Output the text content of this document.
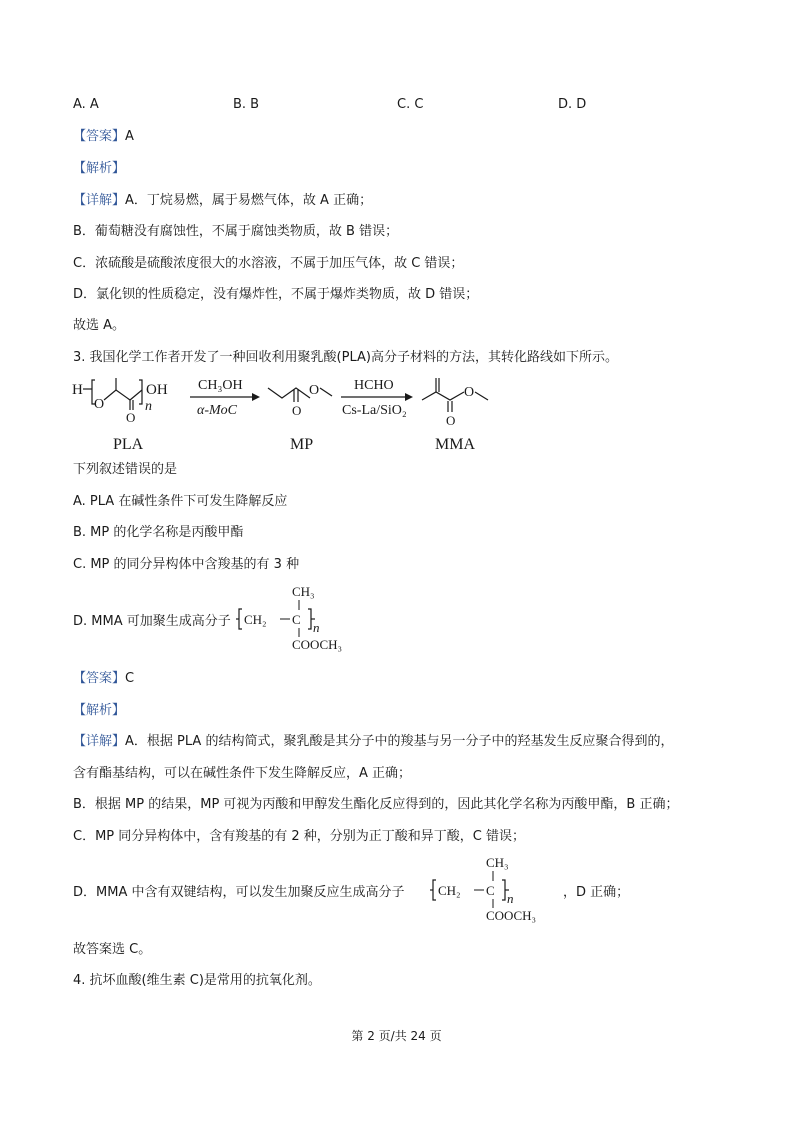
A. A	B. B	C. C	D. D
【答案】A
【解析】
【详解】A．丁烷易燃，属于易燃气体，故 A 正确；
B．葡萄糖没有腐蚀性，不属于腐蚀类物质，故 B 错误；
C．浓硫酸是硫酸浓度很大的水溶液，不属于加压气体，故 C 错误；
D．氯化钡的性质稳定，没有爆炸性，不属于爆炸类物质，故 D 错误；
故选 A。
3. 我国化学工作者开发了一种回收利用聚乳酸(PLA)高分子材料的方法，其转化路线如下所示。
H
O
O
n
OH
PLA
CH₃OH
α-MoC	O
O
MP
HCHO
Cs-La/SiO₂
O
O
MMA
下列叙述错误的是
A. PLA 在碱性条件下可发生降解反应
B. MP 的化学名称是丙酸甲酯
C. MP 的同分异构体中含羧基的有 3 种
D. MMA 可加聚生成高分子
CH₃
CH₂ C
n
COOCH₃
【答案】C
【解析】
【详解】A．根据 PLA 的结构简式，聚乳酸是其分子中的羧基与另一分子中的羟基发生反应聚合得到的，
含有酯基结构，可以在碱性条件下发生降解反应，A 正确；
B．根据 MP 的结果，MP 可视为丙酸和甲醇发生酯化反应得到的，因此其化学名称为丙酸甲酯，B 正确；
C．MP 同分异构体中，含有羧基的有 2 种，分别为正丁酸和异丁酸，C 错误；
D．MMA 中含有双键结构，可以发生加聚反应生成高分子
CH₃
CH₂ C
n
COOCH₃
，D 正确；
故答案选 C。
4. 抗坏血酸(维生素 C)是常用的抗氧化剂。
第 2 页/共 24 页
